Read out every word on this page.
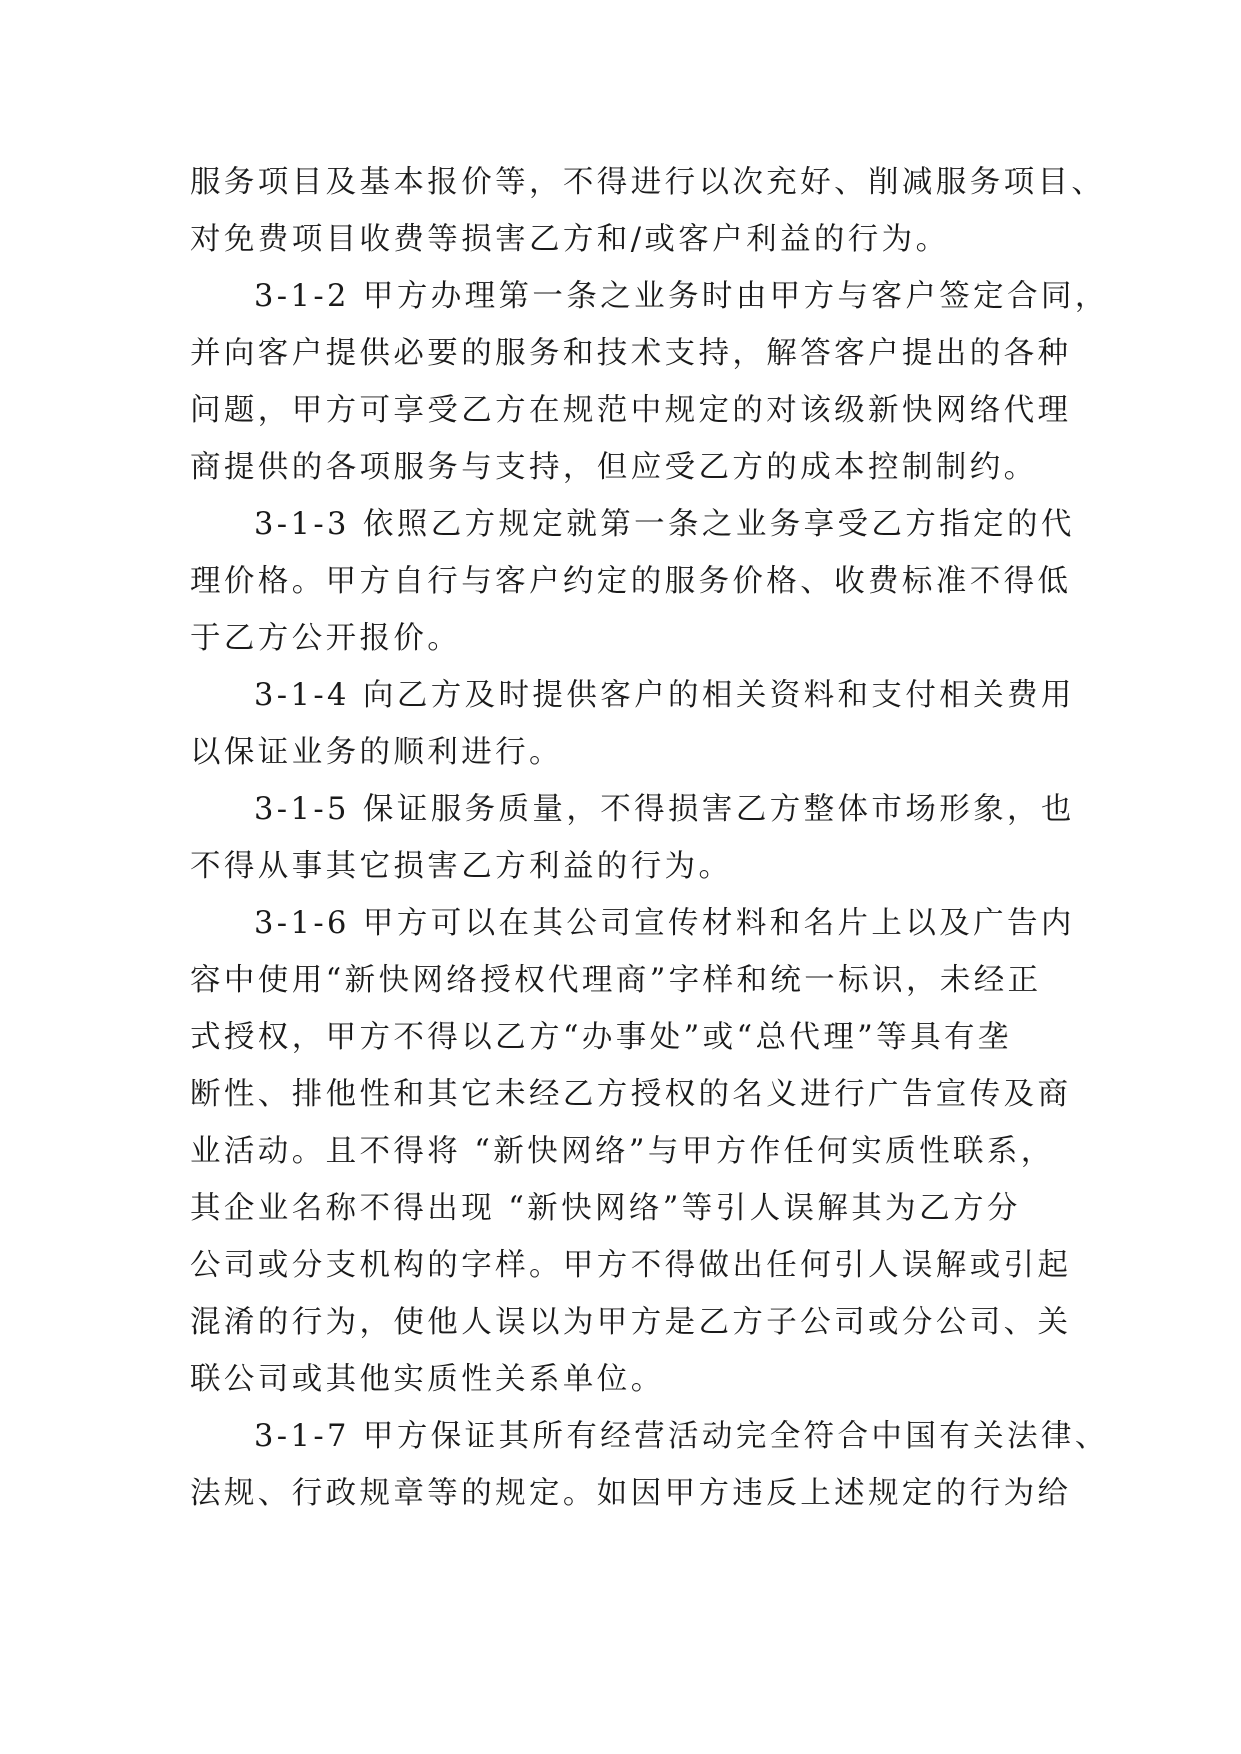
服务项目及基本报价等，不得进行以次充好、削减服务项目、
对免费项目收费等损害乙方和/或客户利益的行为。
3-1-2 甲方办理第一条之业务时由甲方与客户签定合同，
并向客户提供必要的服务和技术支持，解答客户提出的各种
问题，甲方可享受乙方在规范中规定的对该级新快网络代理
商提供的各项服务与支持，但应受乙方的成本控制制约。
3-1-3 依照乙方规定就第一条之业务享受乙方指定的代
理价格。甲方自行与客户约定的服务价格、收费标准不得低
于乙方公开报价。
3-1-4 向乙方及时提供客户的相关资料和支付相关费用
以保证业务的顺利进行。
3-1-5 保证服务质量，不得损害乙方整体市场形象，也
不得从事其它损害乙方利益的行为。
3-1-6 甲方可以在其公司宣传材料和名片上以及广告内
容中使用“新快网络授权代理商”字样和统一标识，未经正
式授权，甲方不得以乙方“办事处”或“总代理”等具有垄
断性、排他性和其它未经乙方授权的名义进行广告宣传及商
业活动。且不得将 “新快网络”与甲方作任何实质性联系，
其企业名称不得出现 “新快网络”等引人误解其为乙方分
公司或分支机构的字样。甲方不得做出任何引人误解或引起
混淆的行为，使他人误以为甲方是乙方子公司或分公司、关
联公司或其他实质性关系单位。
3-1-7 甲方保证其所有经营活动完全符合中国有关法律、
法规、行政规章等的规定。如因甲方违反上述规定的行为给
